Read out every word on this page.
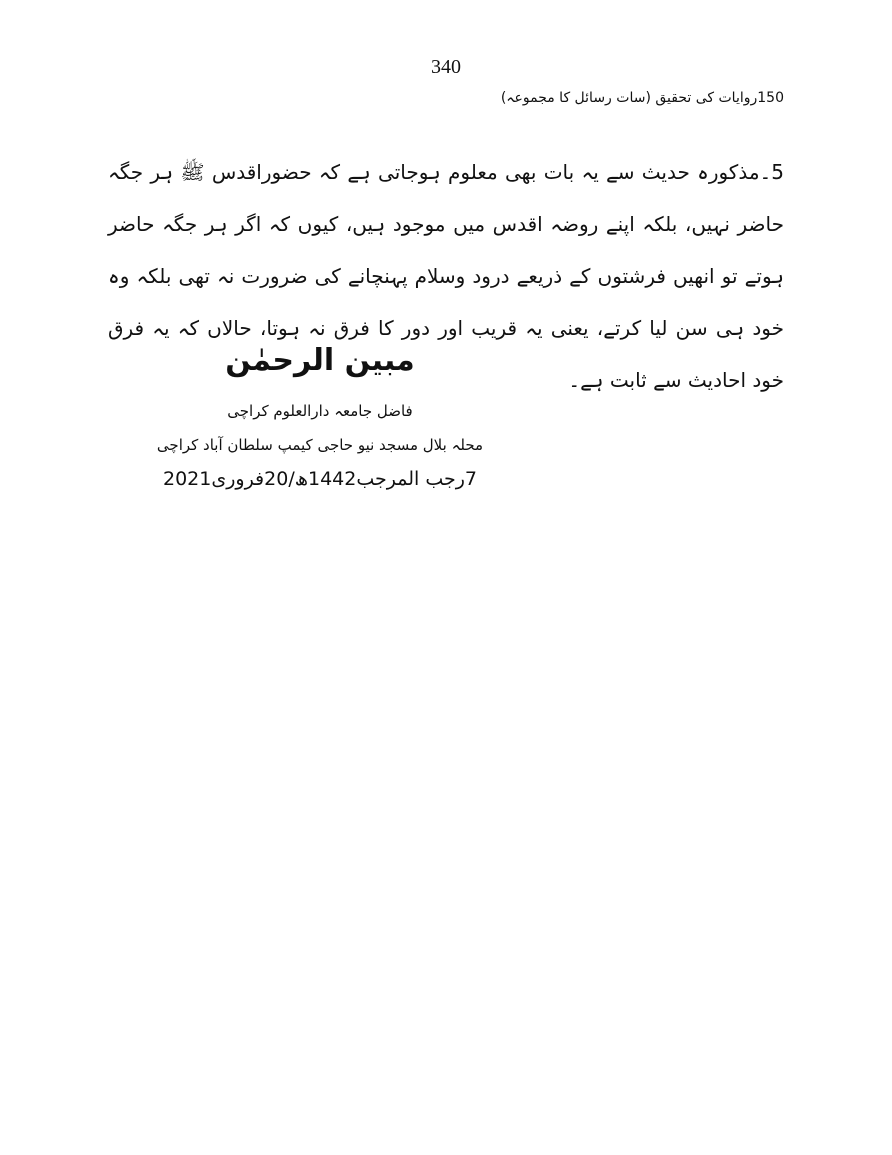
340
150روایات کی تحقیق (سات رسائل کا مجموعہ)

5۔مذکورہ حدیث سے یہ بات بھی معلوم ہوجاتی ہے کہ حضوراقدس ﷺ ہر جگہ حاضر نہیں، بلکہ اپنے روضہ اقدس میں موجود ہیں، کیوں کہ اگر ہر جگہ حاضر ہوتے تو انھیں فرشتوں کے ذریعے درود وسلام پہنچانے کی ضرورت نہ تھی بلکہ وہ خود ہی سن لیا کرتے، یعنی یہ قریب اور دور کا فرق نہ ہوتا، حالاں کہ یہ فرق خود احادیث سے ثابت ہے۔

مبین الرحمٰن
فاضل جامعہ دارالعلوم کراچی
محلہ بلال مسجد نیو حاجی کیمپ سلطان آباد کراچی
7رجب المرجب1442ھ/20فروری2021
